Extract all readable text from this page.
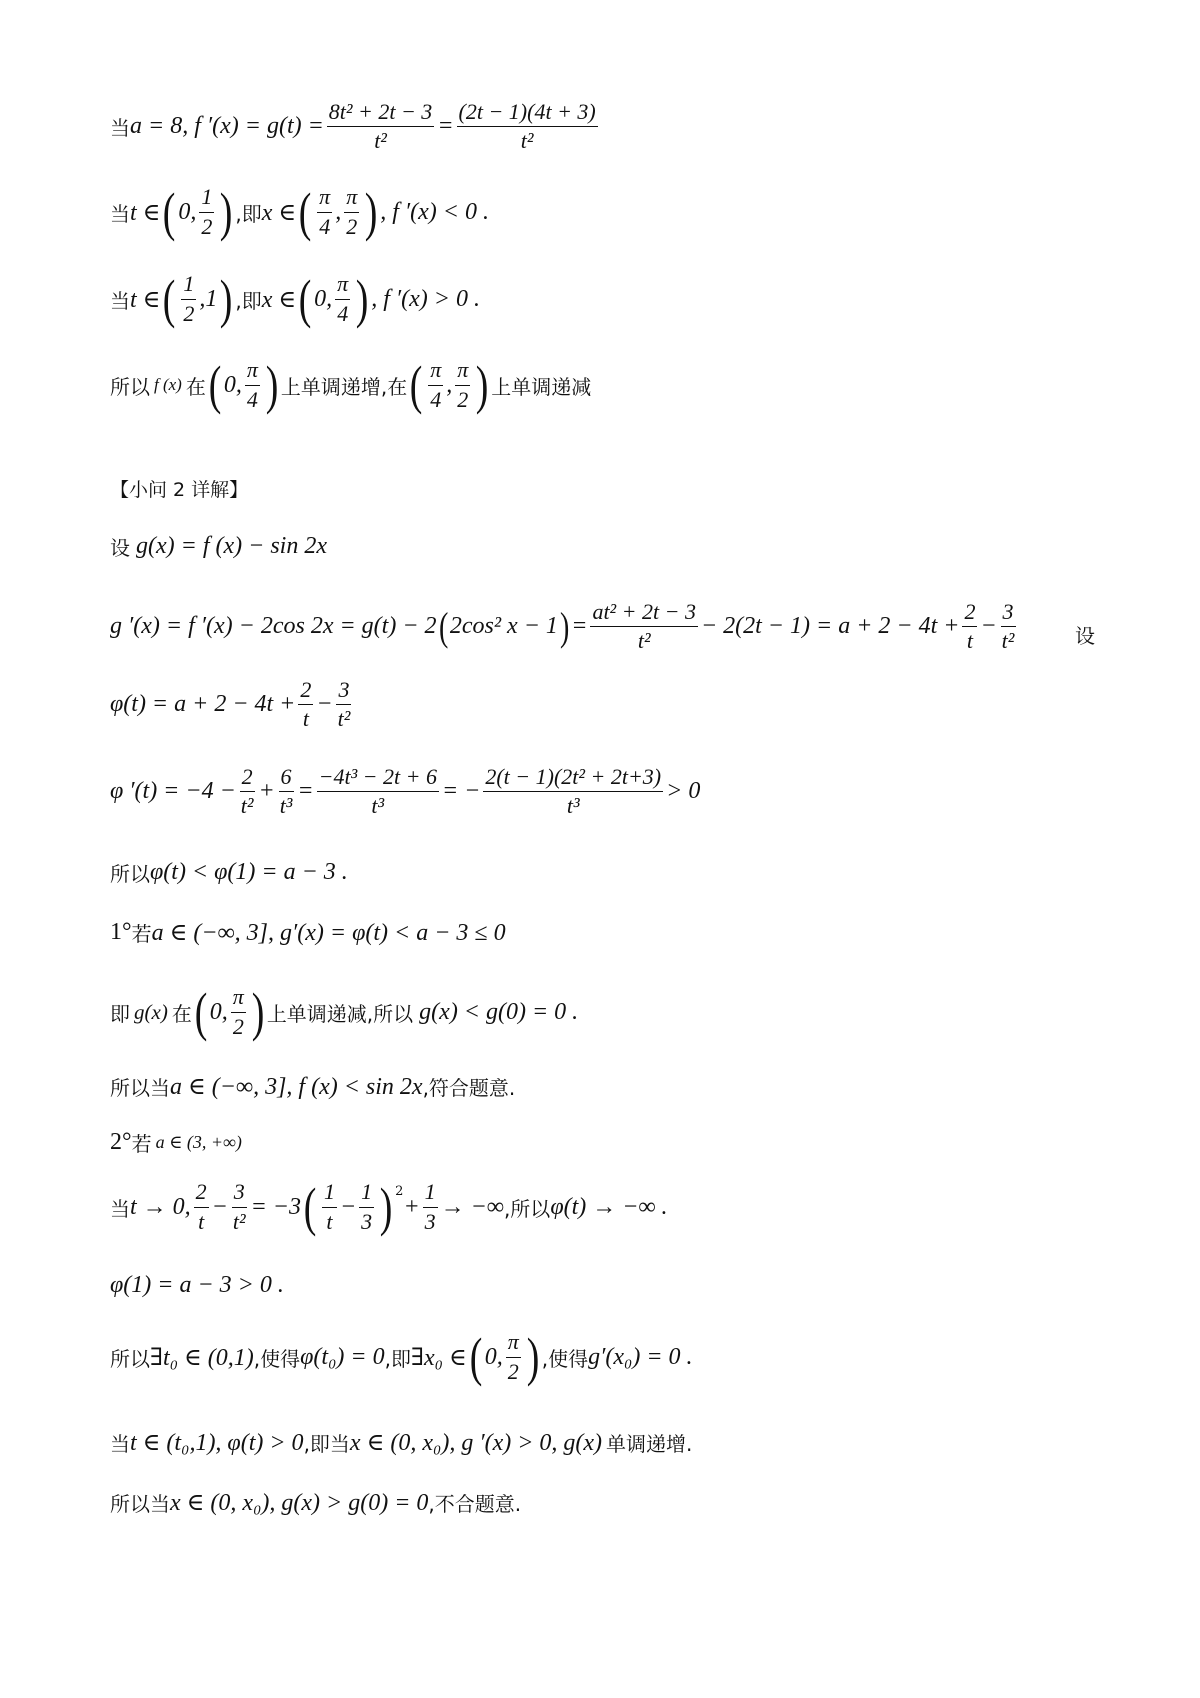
当 a = 8, f $'(x) = g(t) = \frac{\text{8t² + 2t − 3}}{\text{t²}} = \frac{(2t - 1)(4t + 3)}{\text{t²}}$
当 t ∈ ( 0, $\frac{1}{2}$ ) ,即 x ∈ ( $\frac{\pi}{4}$ , $\frac{\pi}{2}$ ) , f ′(x) < 0 .
当 t ∈ ( $\frac{1}{2} ,1$ ) ,即 x ∈ ( 0, $\frac{\pi}{4}$ ) , f ′(x) > 0 .
所以 f (x) 在 ( 0, $\frac{\pi}{4}$ ) 上单调递增,在 ( $\frac{\pi}{4}$ , $\frac{\pi}{2}$ ) 上单调递减
【小问 2 详解】
设 g(x) = f (x) − sin 2x
g ′(x) = f ′(x) − 2cos 2x = g(t) − 2 ( 2cos² x − 1 ) = $\frac{\text{at² + 2t − 3}}{\text{t²}} - 2(2t - 1) = a + 2 - 4t + \frac{2}{t} - \frac{3}{\text{t²}}$	设
$\varphi(t) = a + 2 - 4t + \frac{2}{t} - \frac{3}{\text{t²}}$
φ $'(t) = -4 - \frac{2}{\text{t²}} + \frac{6}{\text{t³}} = \frac{\text{−4t³ − 2t + 6}}{\text{t³}}$ = − $\frac{\text{2(t − 1)(2t² + 2t+3)}}{\text{t³}} > 0$
所以 φ(t) < φ(1) = a − 3 .
1° 若 a ∈ (−∞, 3], g′(x) = φ(t) < a − 3 ≤ 0
即 g(x) 在 ( 0, $\frac{\pi}{2}$ ) 上单调递减,所以 g(x) < g(0) = 0 .
所以当 a ∈ (−∞, 3], f (x) < sin 2x ,符合题意.
2° 若 a ∈ (3, +∞)
当 t → 0, $\frac{2}{t} - \frac{3}{\text{t²}} = -3$ ( $\frac{1}{t} - \frac{1}{3} )^2$
+ $\frac{1}{3}$ → −∞ ,所以 φ(t) → −∞ .
φ(1) = a − 3 > 0 .
所以 ∃t₀ ∈ (0,1) ,使得 φ(t₀) = 0 ,即 ∃x₀ ∈ ( 0, $\frac{\pi}{2}$ ) ,使得 g′(x₀) = 0 .
当 t ∈ (t₀,1), φ(t) > 0 ,即当 x ∈ (0, x₀), g ′(x) > 0, g(x) 单调递增.
所以当 x ∈ (0, x₀), g(x) > g(0) = 0 ,不合题意.
